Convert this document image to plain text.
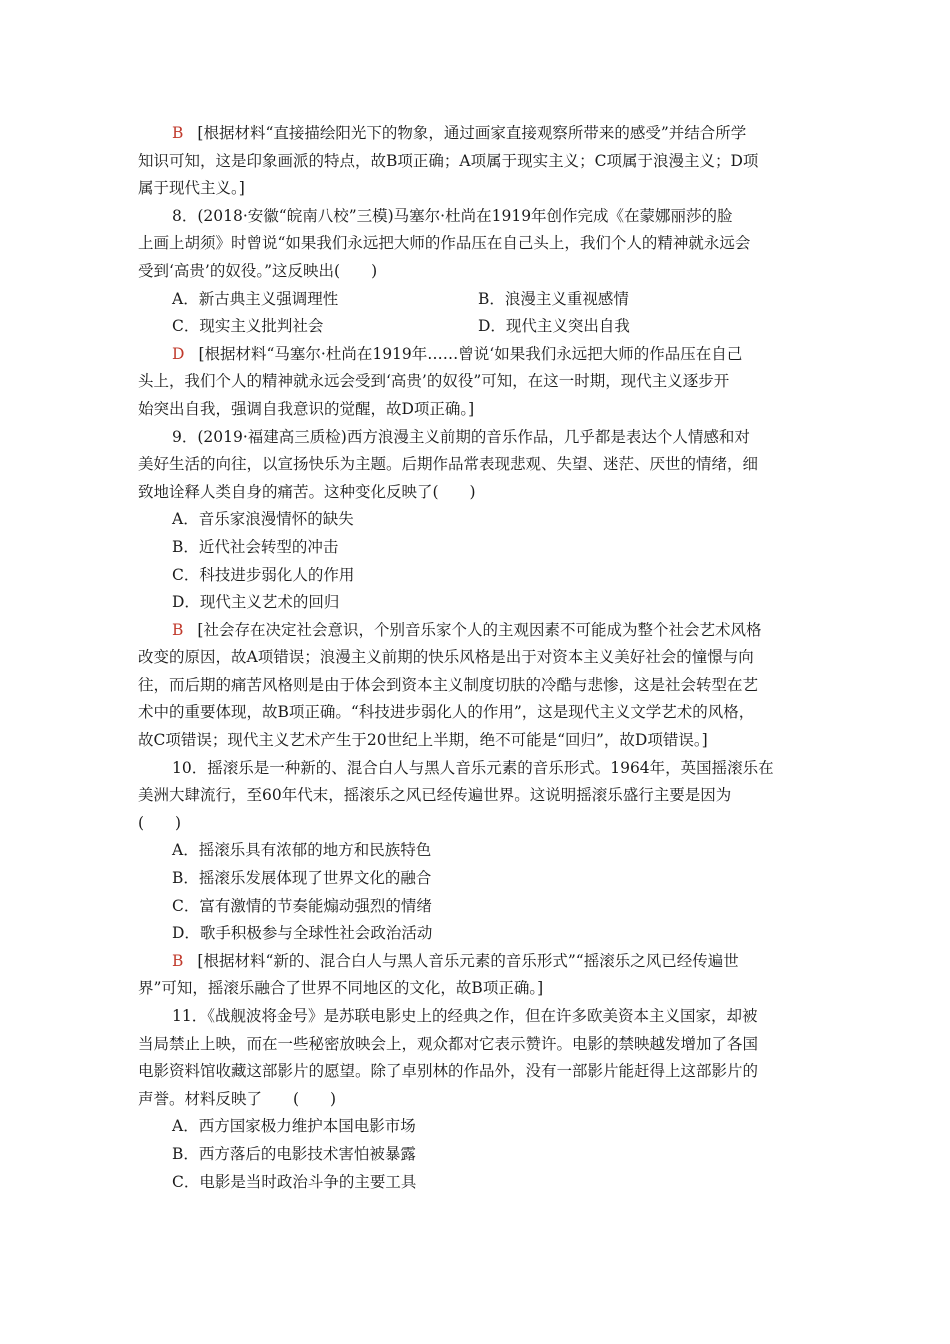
B [根据材料“直接描绘阳光下的物象，通过画家直接观察所带来的感受”并结合所学
知识可知，这是印象画派的特点，故B项正确；A项属于现实主义；C项属于浪漫主义；D项
属于现代主义。]
8．(2018·安徽“皖南八校”三模)马塞尔·杜尚在1919年创作完成《在蒙娜丽莎的脸
上画上胡须》时曾说“如果我们永远把大师的作品压在自己头上，我们个人的精神就永远会
受到‘高贵’的奴役。”这反映出(　　)
A．新古典主义强调理性	B．浪漫主义重视感情
C．现实主义批判社会	D．现代主义突出自我
D [根据材料“马塞尔·杜尚在1919年……曾说‘如果我们永远把大师的作品压在自己
头上，我们个人的精神就永远会受到‘高贵’的奴役”可知，在这一时期，现代主义逐步开
始突出自我，强调自我意识的觉醒，故D项正确。]
9．(2019·福建高三质检)西方浪漫主义前期的音乐作品，几乎都是表达个人情感和对
美好生活的向往，以宣扬快乐为主题。后期作品常表现悲观、失望、迷茫、厌世的情绪，细
致地诠释人类自身的痛苦。这种变化反映了(　　)
A．音乐家浪漫情怀的缺失
B．近代社会转型的冲击
C．科技进步弱化人的作用
D．现代主义艺术的回归
B [社会存在决定社会意识，个别音乐家个人的主观因素不可能成为整个社会艺术风格
改变的原因，故A项错误；浪漫主义前期的快乐风格是出于对资本主义美好社会的憧憬与向
往，而后期的痛苦风格则是由于体会到资本主义制度切肤的冷酷与悲惨，这是社会转型在艺
术中的重要体现，故B项正确。“科技进步弱化人的作用”，这是现代主义文学艺术的风格，
故C项错误；现代主义艺术产生于20世纪上半期，绝不可能是“回归”，故D项错误。]
10．摇滚乐是一种新的、混合白人与黑人音乐元素的音乐形式。1964年，英国摇滚乐在
美洲大肆流行，至60年代末，摇滚乐之风已经传遍世界。这说明摇滚乐盛行主要是因为
(　　)
A．摇滚乐具有浓郁的地方和民族特色
B．摇滚乐发展体现了世界文化的融合
C．富有激情的节奏能煽动强烈的情绪
D．歌手积极参与全球性社会政治活动
B [根据材料“新的、混合白人与黑人音乐元素的音乐形式”“摇滚乐之风已经传遍世
界”可知，摇滚乐融合了世界不同地区的文化，故B项正确。]
11．《战舰波将金号》是苏联电影史上的经典之作，但在许多欧美资本主义国家，却被
当局禁止上映，而在一些秘密放映会上，观众都对它表示赞许。电影的禁映越发增加了各国
电影资料馆收藏这部影片的愿望。除了卓别林的作品外，没有一部影片能赶得上这部影片的
声誉。材料反映了　　(　　)
A．西方国家极力维护本国电影市场
B．西方落后的电影技术害怕被暴露
C．电影是当时政治斗争的主要工具
